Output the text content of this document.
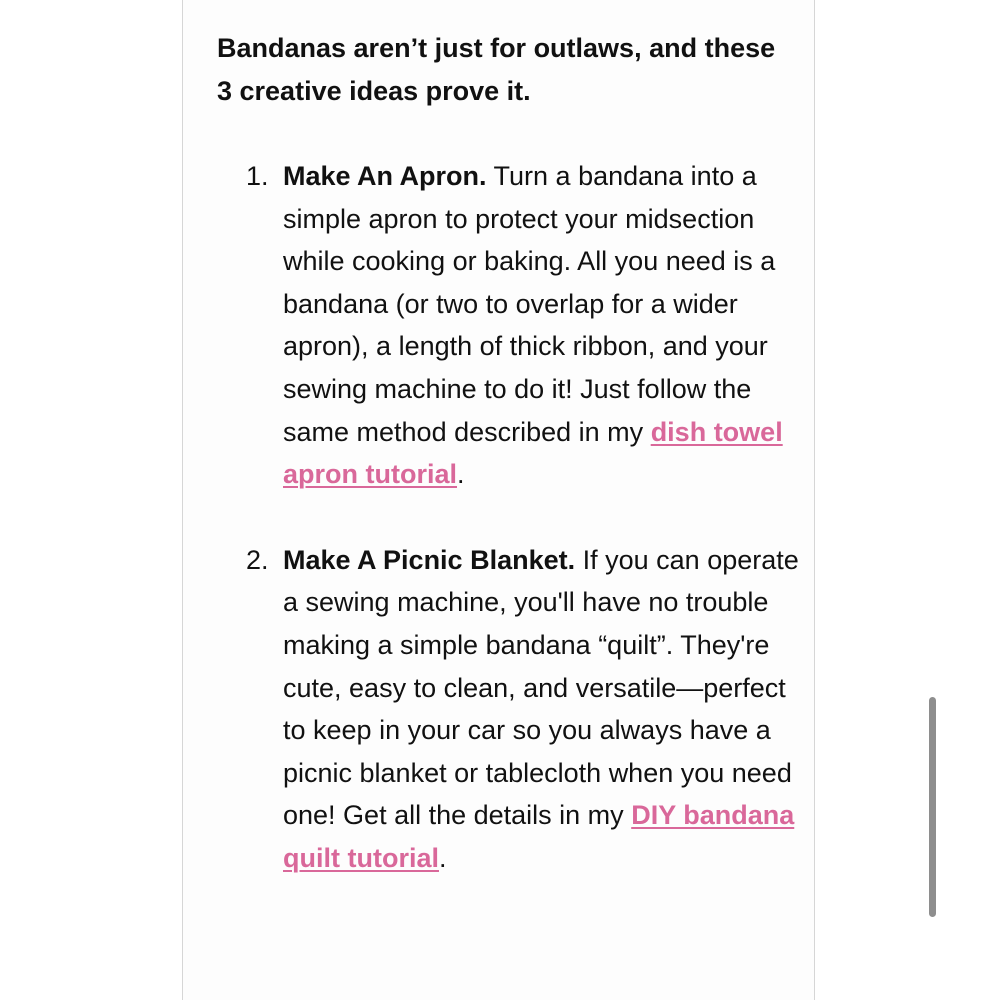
Bandanas aren’t just for outlaws, and these 3 creative ideas prove it.

1. Make An Apron. Turn a bandana into a simple apron to protect your midsection while cooking or baking. All you need is a bandana (or two to overlap for a wider apron), a length of thick ribbon, and your sewing machine to do it! Just follow the same method described in my dish towel apron tutorial.
2. Make A Picnic Blanket. If you can operate a sewing machine, you'll have no trouble making a simple bandana “quilt”. They're cute, easy to clean, and versatile—perfect to keep in your car so you always have a picnic blanket or tablecloth when you need one! Get all the details in my DIY bandana quilt tutorial.
